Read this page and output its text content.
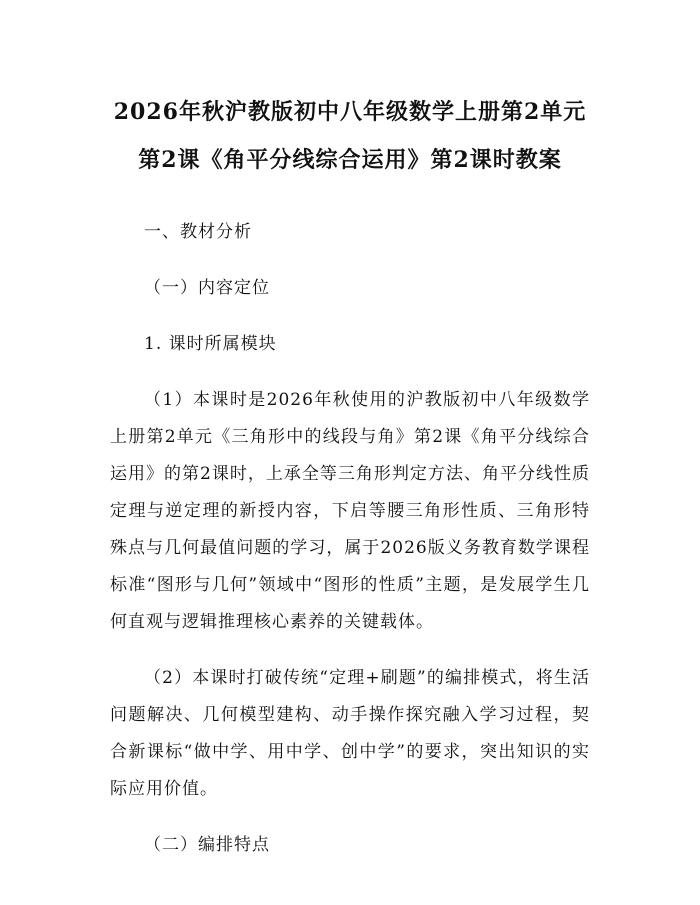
2026年秋沪教版初中八年级数学上册第2单元第2课《角平分线综合运用》第2课时教案

一、教材分析

（一）内容定位

1. 课时所属模块

（1）本课时是2026年秋使用的沪教版初中八年级数学上册第2单元《三角形中的线段与角》第2课《角平分线综合运用》的第2课时，上承全等三角形判定方法、角平分线性质定理与逆定理的新授内容，下启等腰三角形性质、三角形特殊点与几何最值问题的学习，属于2026版义务教育数学课程标准“图形与几何”领域中“图形的性质”主题，是发展学生几何直观与逻辑推理核心素养的关键载体。

（2）本课时打破传统“定理+刷题”的编排模式，将生活问题解决、几何模型建构、动手操作探究融入学习过程，契合新课标“做中学、用中学、创中学”的要求，突出知识的实际应用价值。

（二）编排特点
